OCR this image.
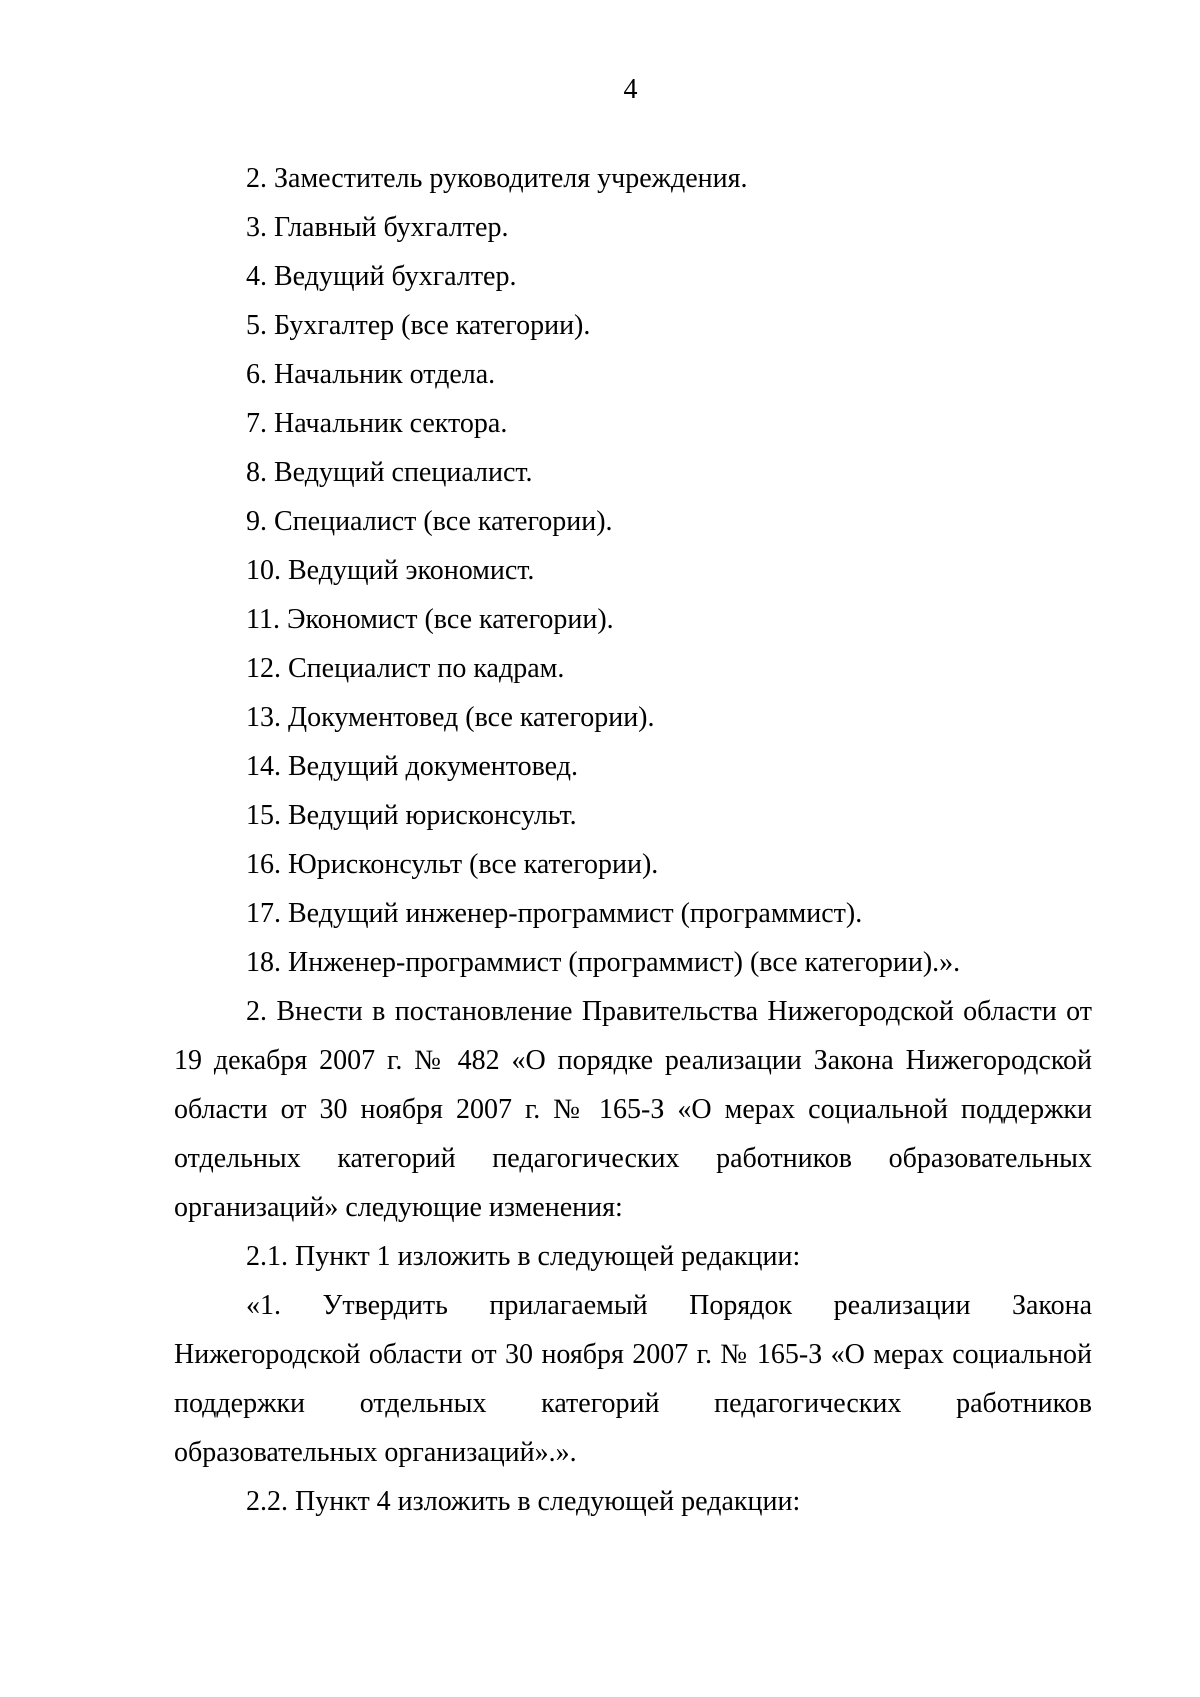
4
2. Заместитель руководителя учреждения.
3. Главный бухгалтер.
4. Ведущий бухгалтер.
5. Бухгалтер (все категории).
6. Начальник отдела.
7. Начальник сектора.
8. Ведущий специалист.
9. Специалист (все категории).
10. Ведущий экономист.
11. Экономист (все категории).
12. Специалист по кадрам.
13. Документовед (все категории).
14. Ведущий документовед.
15. Ведущий юрисконсульт.
16. Юрисконсульт (все категории).
17. Ведущий инженер-программист (программист).
18. Инженер-программист (программист) (все категории).».

2. Внести в постановление Правительства Нижегородской области от 19 декабря 2007 г. № 482 «О порядке реализации Закона Нижегородской области от 30 ноября 2007 г. № 165-З «О мерах социальной поддержки отдельных категорий педагогических работников образовательных организаций» следующие изменения:

2.1. Пункт 1 изложить в следующей редакции:

«1. Утвердить прилагаемый Порядок реализации Закона Нижегородской области от 30 ноября 2007 г. № 165-З «О мерах социальной поддержки отдельных категорий педагогических работников образовательных организаций».».

2.2. Пункт 4 изложить в следующей редакции:
